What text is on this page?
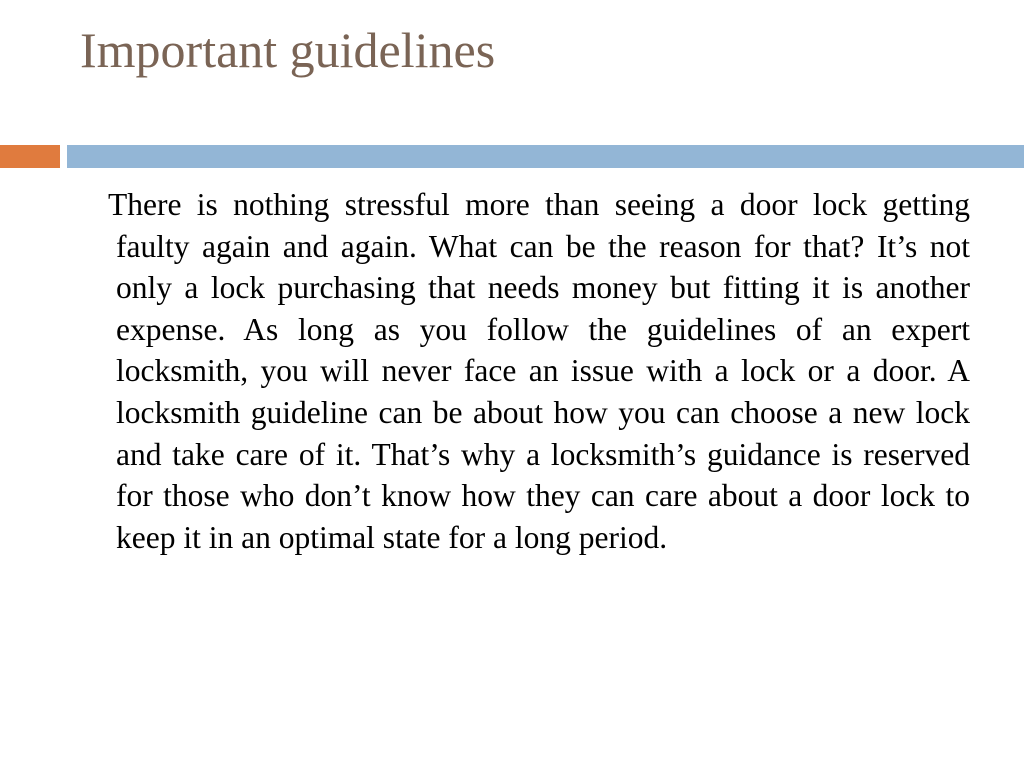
Important guidelines

There is nothing stressful more than seeing a door lock getting faulty again and again. What can be the reason for that? It’s not only a lock purchasing that needs money but fitting it is another expense. As long as you follow the guidelines of an expert locksmith, you will never face an issue with a lock or a door. A locksmith guideline can be about how you can choose a new lock and take care of it. That’s why a locksmith’s guidance is reserved for those who don’t know how they can care about a door lock to keep it in an optimal state for a long period.
